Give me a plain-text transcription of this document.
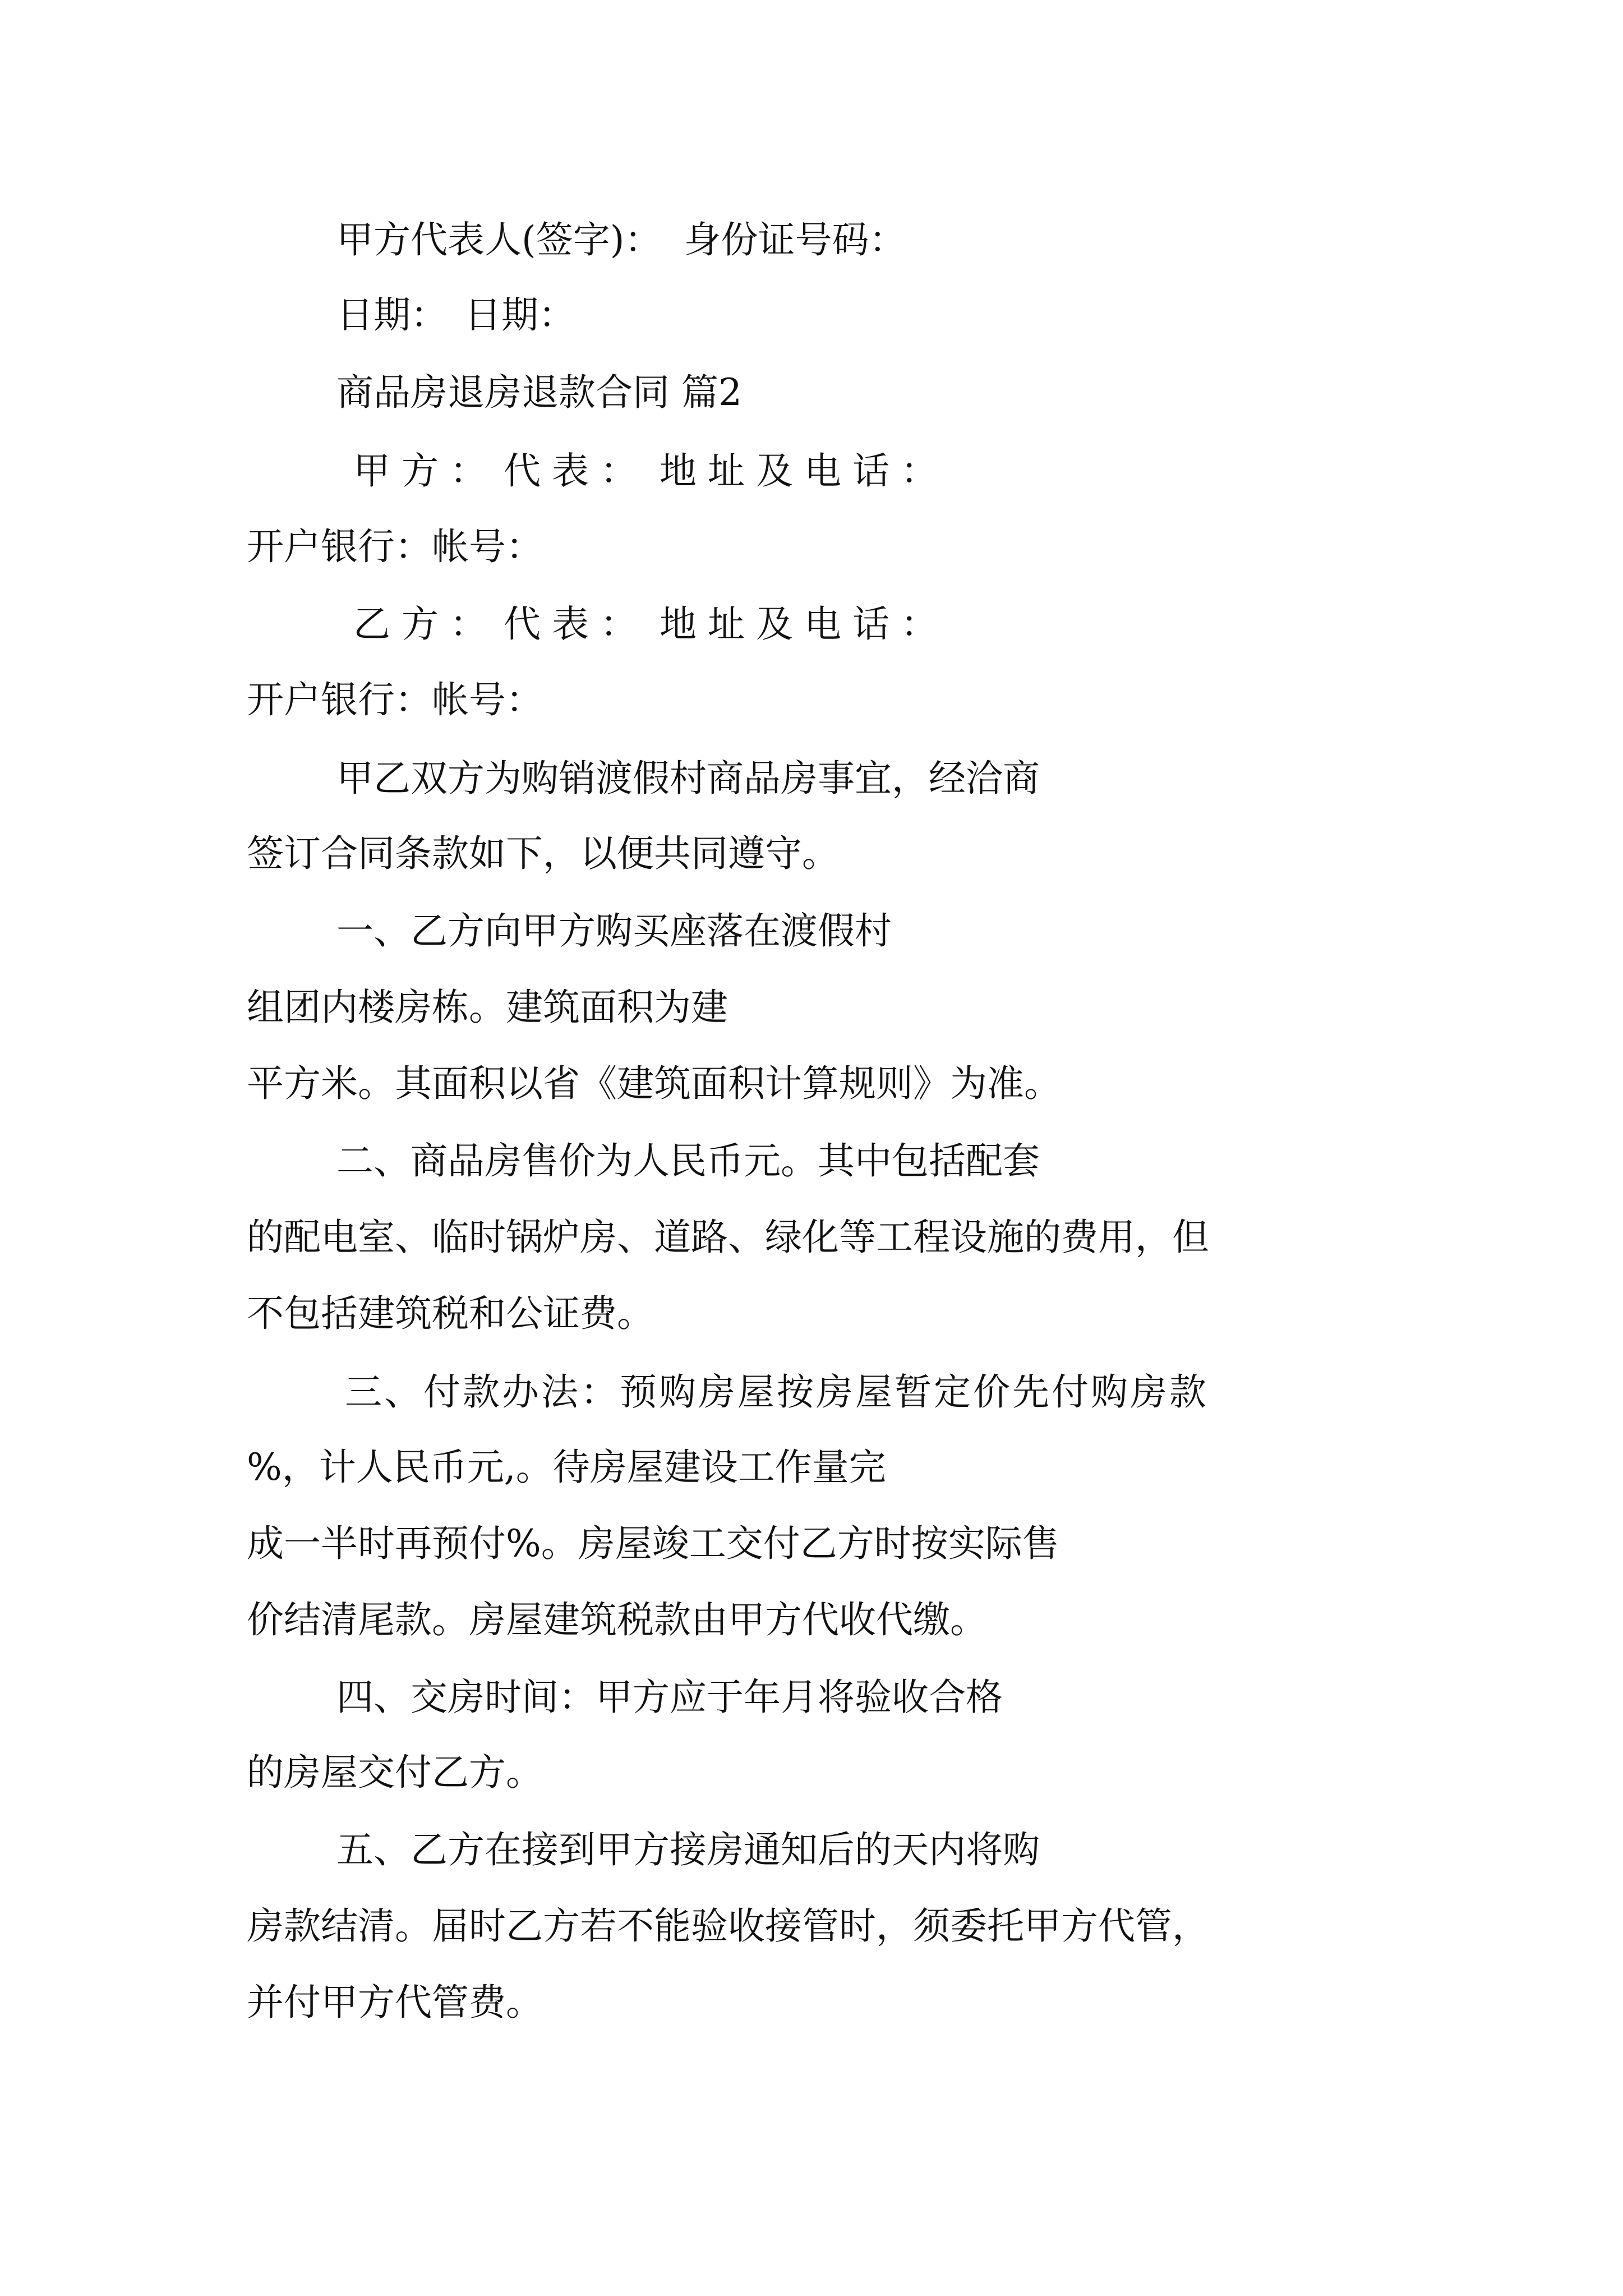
甲方代表人(签字)： 身份证号码：
日期： 日期：
商品房退房退款合同 篇2
甲方： 代表： 地址及电话：
开户银行：帐号：
乙方： 代表： 地址及电话：
开户银行：帐号：
甲乙双方为购销渡假村商品房事宜，经洽商
签订合同条款如下，以便共同遵守。
一、乙方向甲方购买座落在渡假村
组团内楼房栋。建筑面积为建
平方米。其面积以省《建筑面积计算规则》为准。
二、商品房售价为人民币元。其中包括配套
的配电室、临时锅炉房、道路、绿化等工程设施的费用，但
不包括建筑税和公证费。
三、付款办法：预购房屋按房屋暂定价先付购房款
%，计人民币元,。待房屋建设工作量完
成一半时再预付%。房屋竣工交付乙方时按实际售
价结清尾款。房屋建筑税款由甲方代收代缴。
四、交房时间：甲方应于年月将验收合格
的房屋交付乙方。
五、乙方在接到甲方接房通知后的天内将购
房款结清。届时乙方若不能验收接管时，须委托甲方代管，
并付甲方代管费。
